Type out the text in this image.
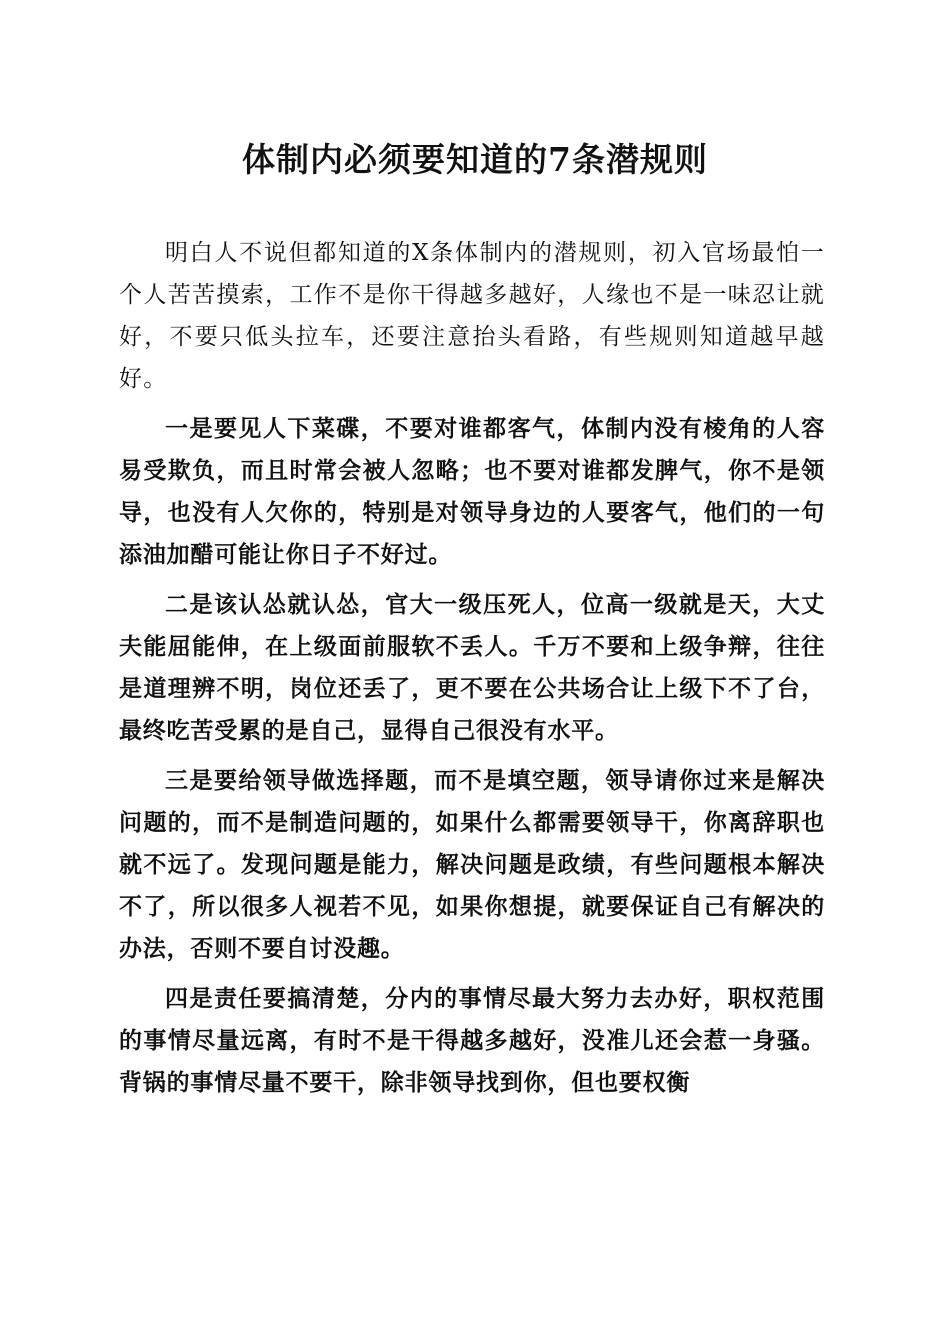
体制内必须要知道的7条潜规则

明白人不说但都知道的X条体制内的潜规则，初入官场最怕一个人苦苦摸索，工作不是你干得越多越好，人缘也不是一味忍让就好，不要只低头拉车，还要注意抬头看路，有些规则知道越早越好。

一是要见人下菜碟，不要对谁都客气，体制内没有棱角的人容易受欺负，而且时常会被人忽略；也不要对谁都发脾气，你不是领导，也没有人欠你的，特别是对领导身边的人要客气，他们的一句添油加醋可能让你日子不好过。

二是该认怂就认怂，官大一级压死人，位高一级就是天，大丈夫能屈能伸，在上级面前服软不丢人。千万不要和上级争辩，往往是道理辨不明，岗位还丢了，更不要在公共场合让上级下不了台，最终吃苦受累的是自己，显得自己很没有水平。

三是要给领导做选择题，而不是填空题，领导请你过来是解决问题的，而不是制造问题的，如果什么都需要领导干，你离辞职也就不远了。发现问题是能力，解决问题是政绩，有些问题根本解决不了，所以很多人视若不见，如果你想提，就要保证自己有解决的办法，否则不要自讨没趣。

四是责任要搞清楚，分内的事情尽最大努力去办好，职权范围的事情尽量远离，有时不是干得越多越好，没准儿还会惹一身骚。背锅的事情尽量不要干，除非领导找到你，但也要权衡
